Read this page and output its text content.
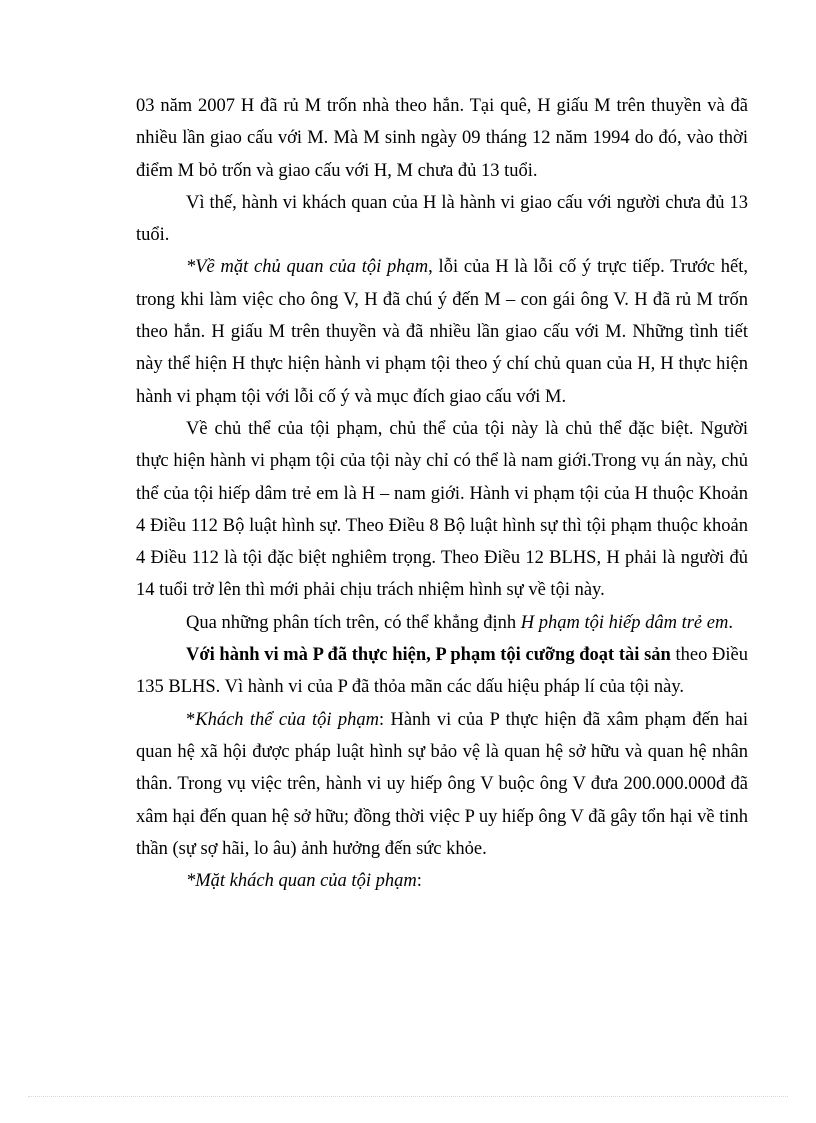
03 năm 2007 H đã rủ M trốn nhà theo hắn. Tại quê, H giấu M trên thuyền và đã nhiều lần giao cấu với M. Mà M sinh ngày 09 tháng 12 năm 1994 do đó, vào thời điểm M bỏ trốn và giao cấu với H, M chưa đủ 13 tuổi.

Vì thế, hành vi khách quan của H là hành vi giao cấu với người chưa đủ 13 tuổi.

*Về mặt chủ quan của tội phạm, lỗi của H là lỗi cố ý trực tiếp. Trước hết, trong khi làm việc cho ông V, H đã chú ý đến M – con gái ông V. H đã rủ M trốn theo hắn. H giấu M trên thuyền và đã nhiều lần giao cấu với M. Những tình tiết này thể hiện H thực hiện hành vi phạm tội theo ý chí chủ quan của H, H thực hiện hành vi phạm tội với lỗi cố ý và mục đích giao cấu với M.

Về chủ thể của tội phạm, chủ thể của tội này là chủ thể đặc biệt. Người thực hiện hành vi phạm tội của tội này chỉ có thể là nam giới.Trong vụ án này, chủ thể của tội hiếp dâm trẻ em là H – nam giới. Hành vi phạm tội của H thuộc Khoản 4 Điều 112 Bộ luật hình sự. Theo Điều 8 Bộ luật hình sự thì tội phạm thuộc khoản 4 Điều 112 là tội đặc biệt nghiêm trọng. Theo Điều 12 BLHS, H phải là người đủ 14 tuổi trở lên thì mới phải chịu trách nhiệm hình sự về tội này.

Qua những phân tích trên, có thể khẳng định H phạm tội hiếp dâm trẻ em.

Với hành vi mà P đã thực hiện, P phạm tội cưỡng đoạt tài sản theo Điều 135 BLHS. Vì hành vi của P đã thỏa mãn các dấu hiệu pháp lí của tội này.

*Khách thể của tội phạm: Hành vi của P thực hiện đã xâm phạm đến hai quan hệ xã hội được pháp luật hình sự bảo vệ là quan hệ sở hữu và quan hệ nhân thân. Trong vụ việc trên, hành vi uy hiếp ông V buộc ông V đưa 200.000.000đ đã xâm hại đến quan hệ sở hữu; đồng thời việc P uy hiếp ông V đã gây tổn hại về tinh thần (sự sợ hãi, lo âu) ảnh hưởng đến sức khỏe.

*Mặt khách quan của tội phạm:
